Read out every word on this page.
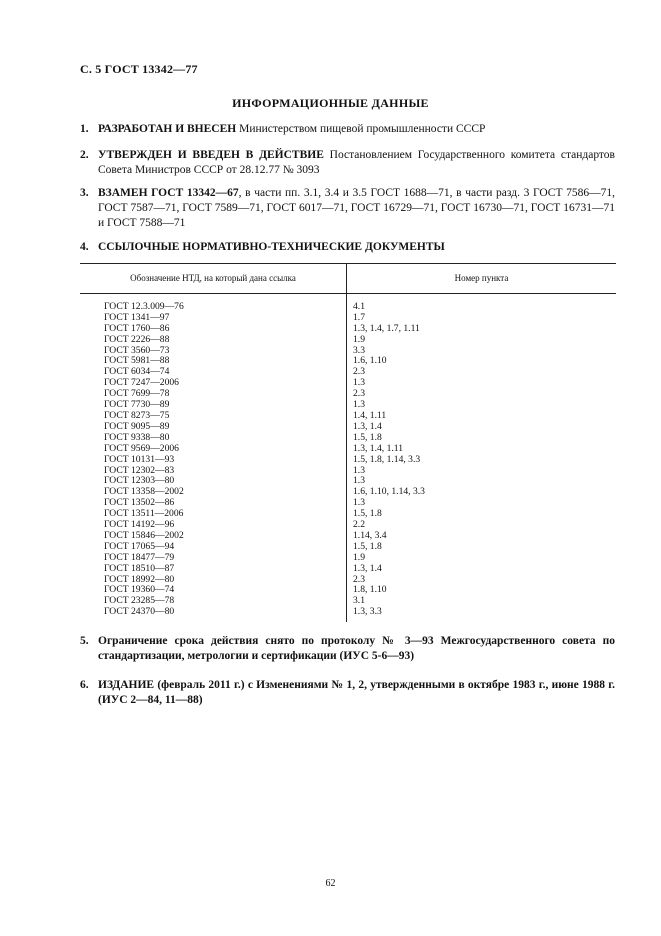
С. 5 ГОСТ 13342—77
ИНФОРМАЦИОННЫЕ ДАННЫЕ
1. РАЗРАБОТАН И ВНЕСЕН Министерством пищевой промышленности СССР
2. УТВЕРЖДЕН И ВВЕДЕН В ДЕЙСТВИЕ Постановлением Государственного комитета стандартов Совета Министров СССР от 28.12.77 № 3093
3. ВЗАМЕН ГОСТ 13342—67, в части пп. 3.1, 3.4 и 3.5 ГОСТ 1688—71, в части разд. 3 ГОСТ 7586—71, ГОСТ 7587—71, ГОСТ 7589—71, ГОСТ 6017—71, ГОСТ 16729—71, ГОСТ 16730—71, ГОСТ 16731—71 и ГОСТ 7588—71
4. ССЫЛОЧНЫЕ НОРМАТИВНО-ТЕХНИЧЕСКИЕ ДОКУМЕНТЫ
Обозначение НТД, на который дана ссылка	Номер пункта
ГОСТ 12.3.009—76	4.1
ГОСТ 1341—97	1.7
ГОСТ 1760—86	1.3, 1.4, 1.7, 1.11
ГОСТ 2226—88	1.9
ГОСТ 3560—73	3.3
ГОСТ 5981—88	1.6, 1.10
ГОСТ 6034—74	2.3
ГОСТ 7247—2006	1.3
ГОСТ 7699—78	2.3
ГОСТ 7730—89	1.3
ГОСТ 8273—75	1.4, 1.11
ГОСТ 9095—89	1.3, 1.4
ГОСТ 9338—80	1.5, 1.8
ГОСТ 9569—2006	1.3, 1.4, 1.11
ГОСТ 10131—93	1.5, 1.8, 1.14, 3.3
ГОСТ 12302—83	1.3
ГОСТ 12303—80	1.3
ГОСТ 13358—2002	1.6, 1.10, 1.14, 3.3
ГОСТ 13502—86	1.3
ГОСТ 13511—2006	1.5, 1.8
ГОСТ 14192—96	2.2
ГОСТ 15846—2002	1.14, 3.4
ГОСТ 17065—94	1.5, 1.8
ГОСТ 18477—79	1.9
ГОСТ 18510—87	1.3, 1.4
ГОСТ 18992—80	2.3
ГОСТ 19360—74	1.8, 1.10
ГОСТ 23285—78	3.1
ГОСТ 24370—80	1.3, 3.3
5. Ограничение срока действия снято по протоколу № 3—93 Межгосударственного совета по стандартизации, метрологии и сертификации (ИУС 5-6—93)
6. ИЗДАНИЕ (февраль 2011 г.) с Изменениями № 1, 2, утвержденными в октябре 1983 г., июне 1988 г. (ИУС 2—84, 11—88)
62
